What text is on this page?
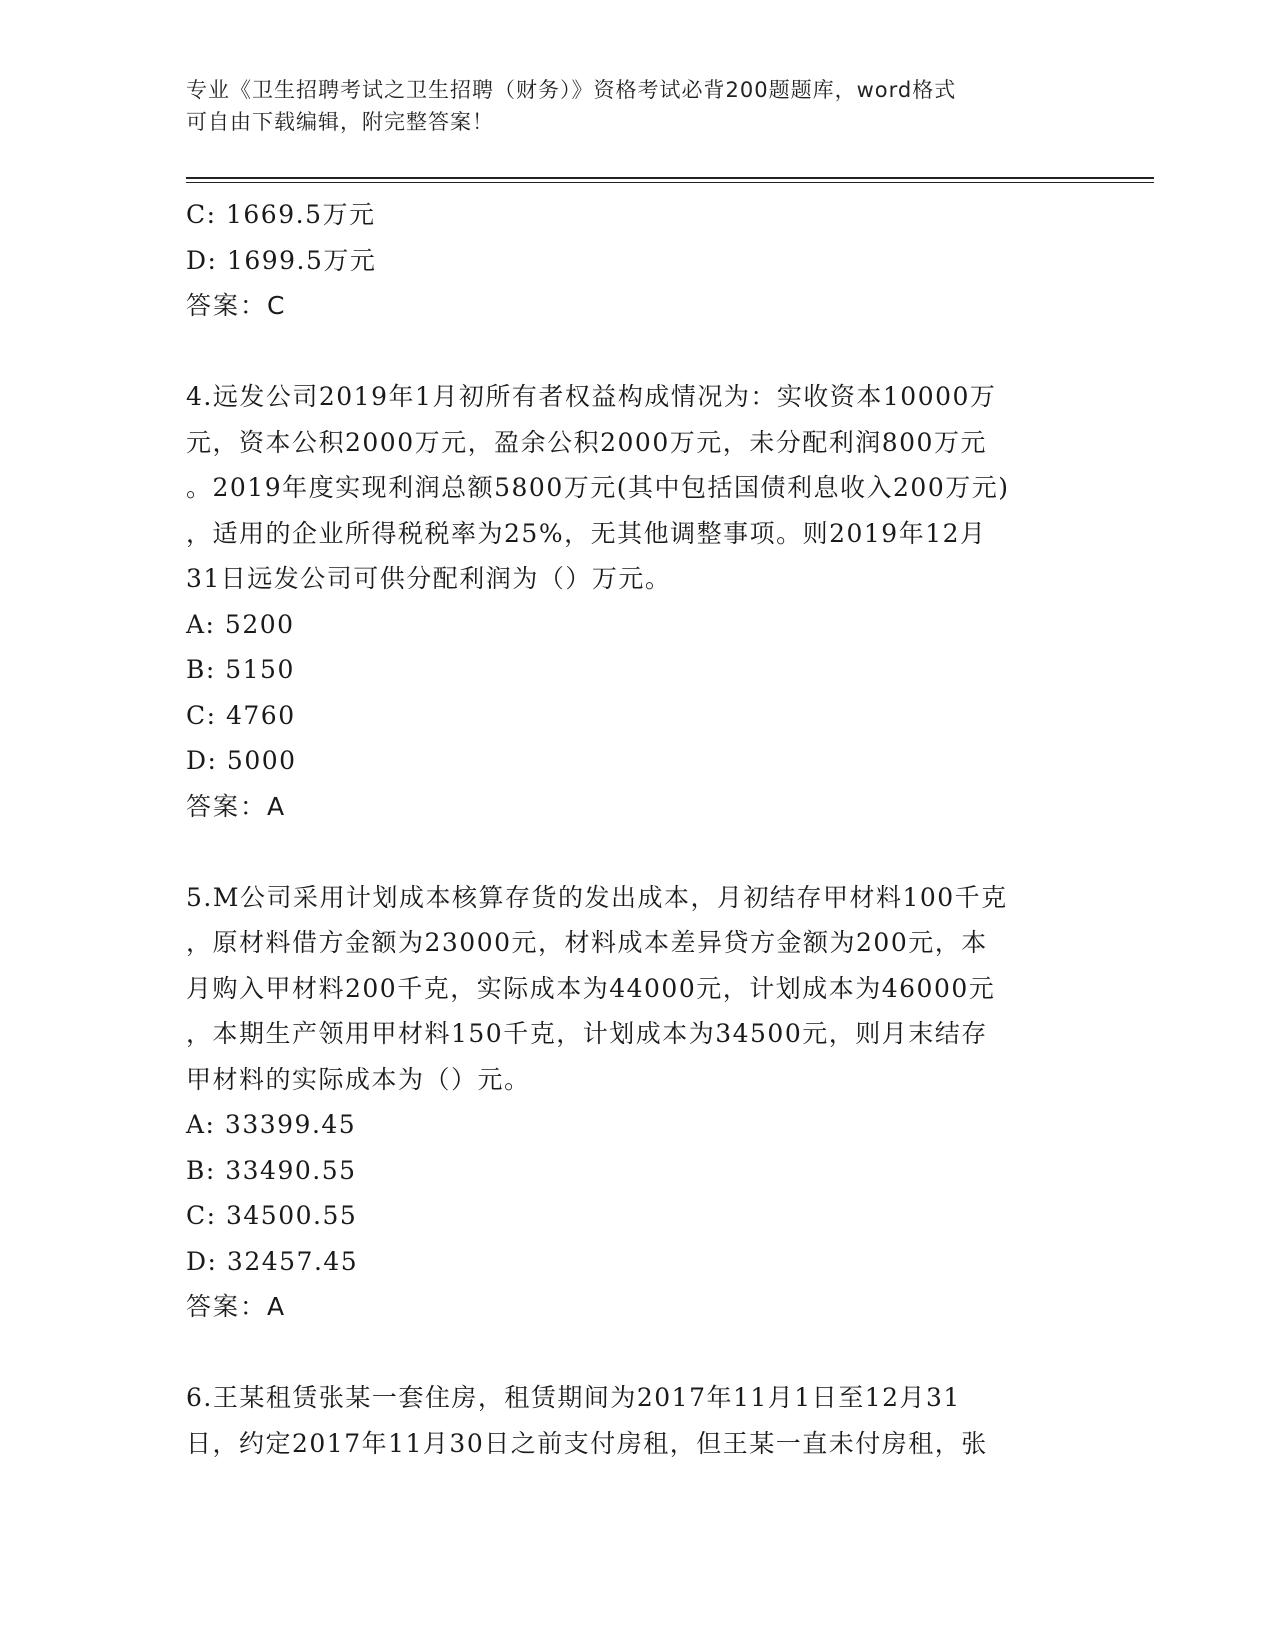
专业《卫生招聘考试之卫生招聘（财务）》资格考试必背200题题库，word格式
可自由下载编辑，附完整答案！

C: 1669.5万元

D: 1699.5万元

答案：C

4.远发公司2019年1月初所有者权益构成情况为：实收资本10000万

元，资本公积2000万元，盈余公积2000万元，未分配利润800万元

。2019年度实现利润总额5800万元(其中包括国债利息收入200万元)

，适用的企业所得税税率为25%，无其他调整事项。则2019年12月

31日远发公司可供分配利润为（）万元。

A: 5200

B: 5150

C: 4760

D: 5000

答案：A

5.M公司采用计划成本核算存货的发出成本，月初结存甲材料100千克

，原材料借方金额为23000元，材料成本差异贷方金额为200元，本

月购入甲材料200千克，实际成本为44000元，计划成本为46000元

，本期生产领用甲材料150千克，计划成本为34500元，则月末结存

甲材料的实际成本为（）元。

A: 33399.45

B: 33490.55

C: 34500.55

D: 32457.45

答案：A

6.王某租赁张某一套住房，租赁期间为2017年11月1日至12月31

日，约定2017年11月30日之前支付房租，但王某一直未付房租，张
